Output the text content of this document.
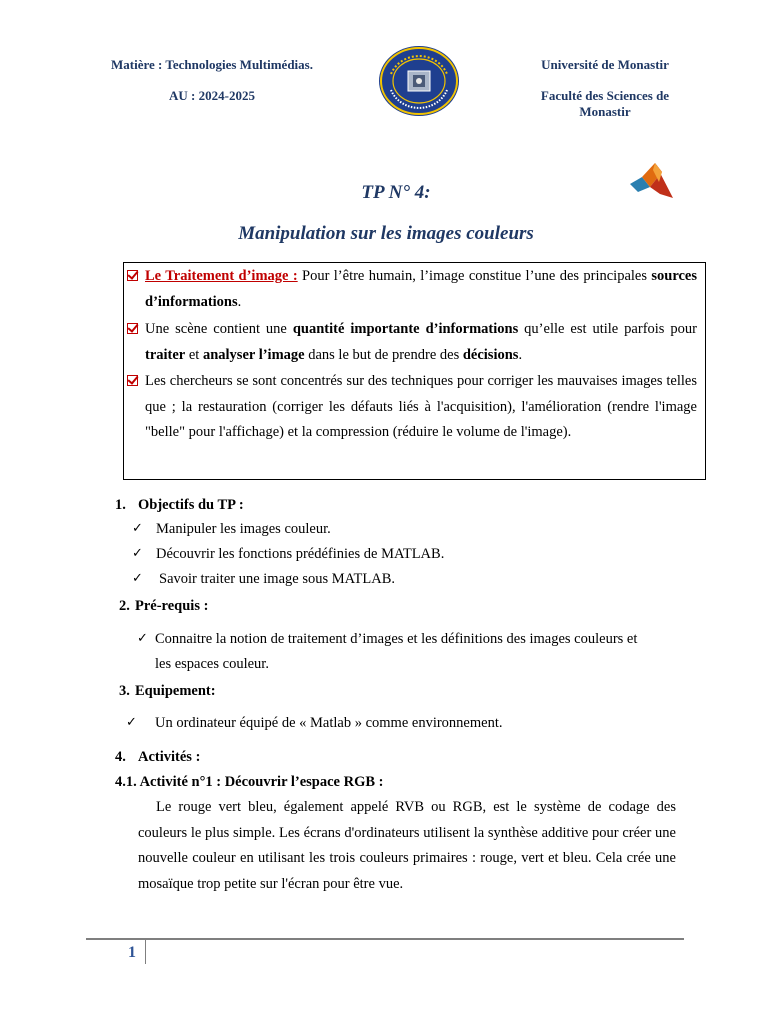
Matière : Technologies Multimédias.
AU : 2024-2025
Université de Monastir
Faculté des Sciences de Monastir
TP N° 4:
Manipulation sur les images couleurs
Le Traitement d’image : Pour l’être humain, l’image constitue l’une des principales sources d’informations.
Une scène contient une quantité importante d’informations qu’elle est utile parfois pour traiter et analyser l’image dans le but de prendre des décisions.
Les chercheurs se sont concentrés sur des techniques pour corriger les mauvaises images telles que ; la restauration (corriger les défauts liés à l'acquisition), l'amélioration (rendre l'image "belle" pour l'affichage) et la compression (réduire le volume de l'image).
1. Objectifs du TP :
✓ Manipuler les images couleur.
✓ Découvrir les fonctions prédéfinies de MATLAB.
✓ Savoir traiter une image sous MATLAB.
2. Pré-requis :
✓ Connaitre la notion de traitement d’images et les définitions des images couleurs et
les espaces couleur.
3. Equipement:
✓ Un ordinateur équipé de « Matlab » comme environnement.
4. Activités :
4.1. Activité n°1 : Découvrir l’espace RGB :
Le rouge vert bleu, également appelé RVB ou RGB, est le système de codage des couleurs le plus simple. Les écrans d'ordinateurs utilisent la synthèse additive pour créer une nouvelle couleur en utilisant les trois couleurs primaires : rouge, vert et bleu. Cela crée une mosaïque trop petite sur l'écran pour être vue.
1
